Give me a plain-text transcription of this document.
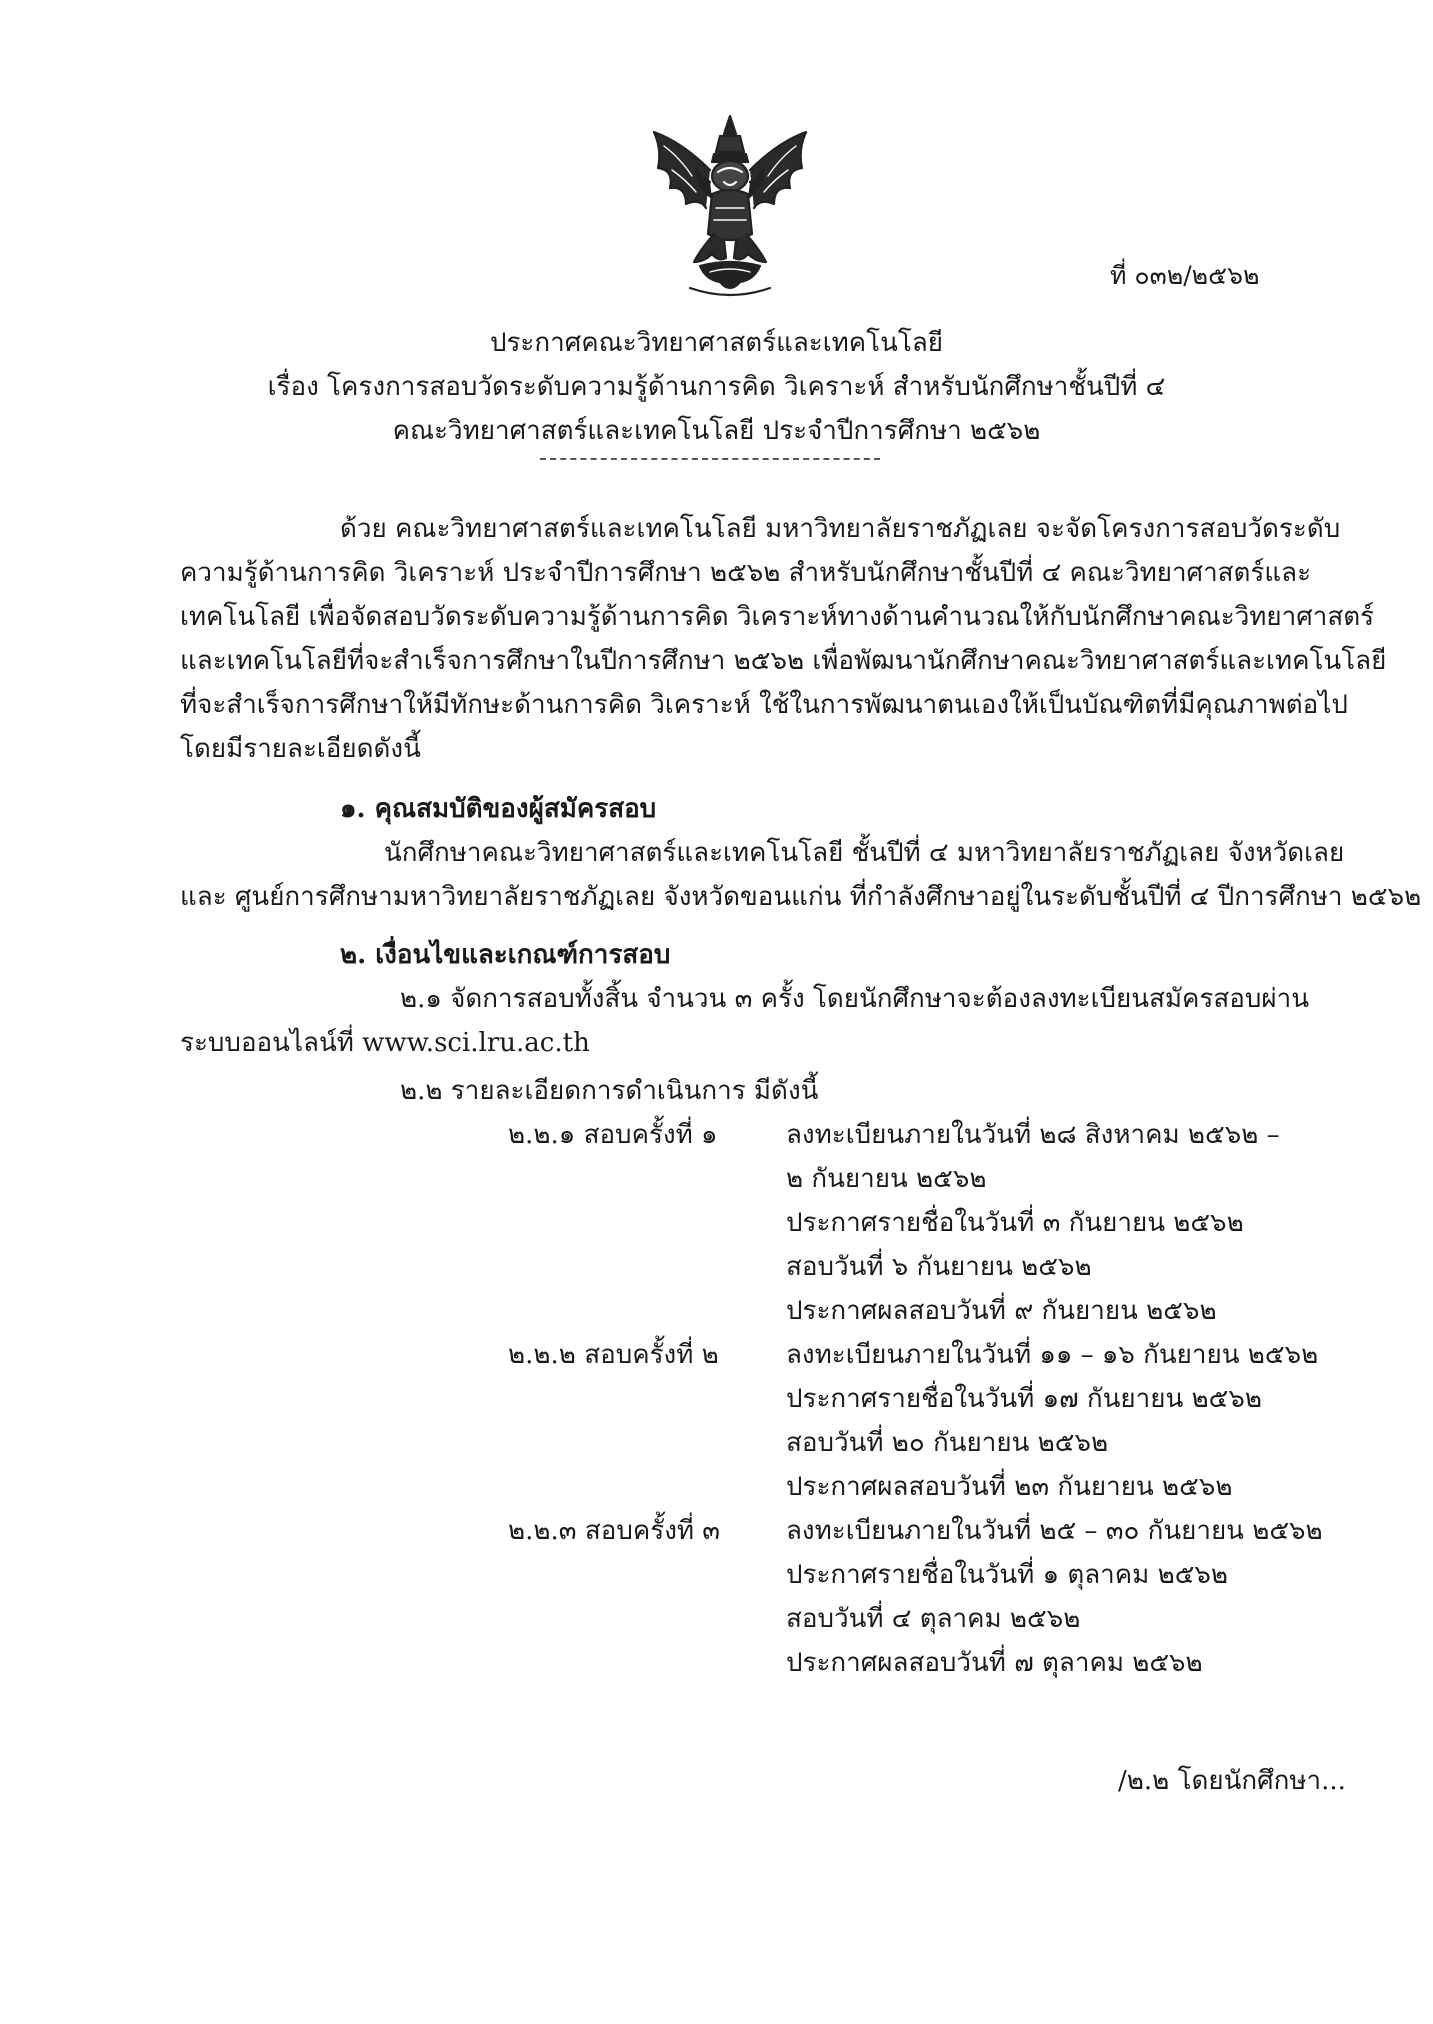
ที่ ๐๓๒/๒๕๖๒
ประกาศคณะวิทยาศาสตร์และเทคโนโลยี
เรื่อง โครงการสอบวัดระดับความรู้ด้านการคิด วิเคราะห์ สำหรับนักศึกษาชั้นปีที่ ๔
คณะวิทยาศาสตร์และเทคโนโลยี ประจำปีการศึกษา ๒๕๖๒
ด้วย คณะวิทยาศาสตร์และเทคโนโลยี มหาวิทยาลัยราชภัฏเลย จะจัดโครงการสอบวัดระดับ
ความรู้ด้านการคิด วิเคราะห์ ประจำปีการศึกษา ๒๕๖๒ สำหรับนักศึกษาชั้นปีที่ ๔ คณะวิทยาศาสตร์และ
เทคโนโลยี เพื่อจัดสอบวัดระดับความรู้ด้านการคิด วิเคราะห์ทางด้านคำนวณให้กับนักศึกษาคณะวิทยาศาสตร์
และเทคโนโลยีที่จะสำเร็จการศึกษาในปีการศึกษา ๒๕๖๒ เพื่อพัฒนานักศึกษาคณะวิทยาศาสตร์และเทคโนโลยี
ที่จะสำเร็จการศึกษาให้มีทักษะด้านการคิด วิเคราะห์ ใช้ในการพัฒนาตนเองให้เป็นบัณฑิตที่มีคุณภาพต่อไป
โดยมีรายละเอียดดังนี้
๑. คุณสมบัติของผู้สมัครสอบ
นักศึกษาคณะวิทยาศาสตร์และเทคโนโลยี ชั้นปีที่ ๔ มหาวิทยาลัยราชภัฏเลย จังหวัดเลย
และ ศูนย์การศึกษามหาวิทยาลัยราชภัฏเลย จังหวัดขอนแก่น ที่กำลังศึกษาอยู่ในระดับชั้นปีที่ ๔ ปีการศึกษา ๒๕๖๒
๒. เงื่อนไขและเกณฑ์การสอบ
๒.๑ จัดการสอบทั้งสิ้น จำนวน ๓ ครั้ง โดยนักศึกษาจะต้องลงทะเบียนสมัครสอบผ่าน
ระบบออนไลน์ที่ www.sci.lru.ac.th
๒.๒ รายละเอียดการดำเนินการ มีดังนี้
๒.๒.๑ สอบครั้งที่ ๑	ลงทะเบียนภายในวันที่ ๒๘ สิงหาคม ๒๕๖๒ –
๒ กันยายน ๒๕๖๒
ประกาศรายชื่อในวันที่ ๓ กันยายน ๒๕๖๒
สอบวันที่ ๖ กันยายน ๒๕๖๒
ประกาศผลสอบวันที่ ๙ กันยายน ๒๕๖๒
๒.๒.๒ สอบครั้งที่ ๒	ลงทะเบียนภายในวันที่ ๑๑ – ๑๖ กันยายน ๒๕๖๒
ประกาศรายชื่อในวันที่ ๑๗ กันยายน ๒๕๖๒
สอบวันที่ ๒๐ กันยายน ๒๕๖๒
ประกาศผลสอบวันที่ ๒๓ กันยายน ๒๕๖๒
๒.๒.๓ สอบครั้งที่ ๓	ลงทะเบียนภายในวันที่ ๒๕ – ๓๐ กันยายน ๒๕๖๒
ประกาศรายชื่อในวันที่ ๑ ตุลาคม ๒๕๖๒
สอบวันที่ ๔ ตุลาคม ๒๕๖๒
ประกาศผลสอบวันที่ ๗ ตุลาคม ๒๕๖๒
/๒.๒ โดยนักศึกษา...
